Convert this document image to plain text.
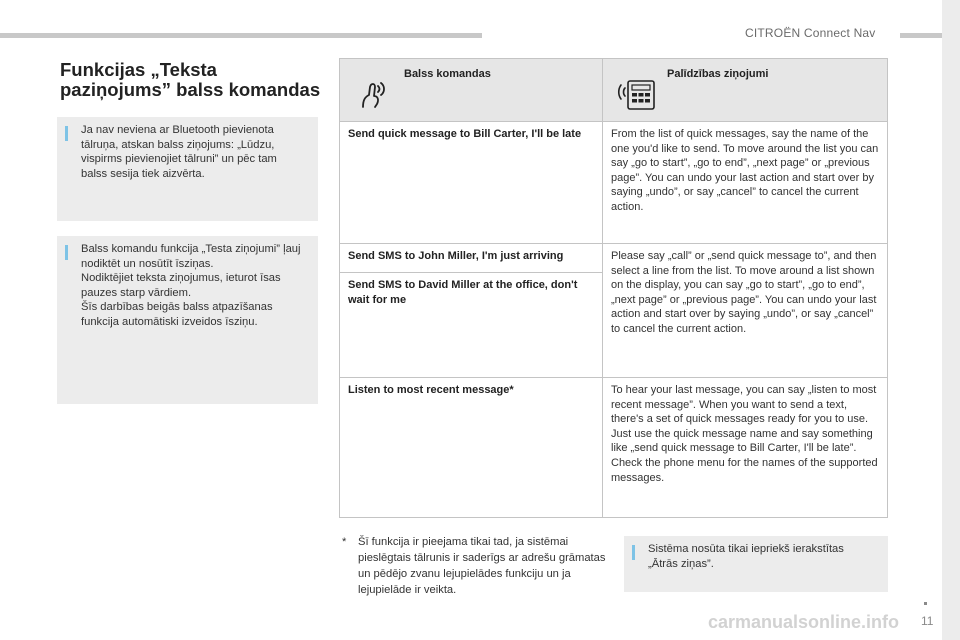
CITROËN Connect Nav
Funkcijas „Teksta paziņojums” balss komandas
Ja nav neviena ar Bluetooth pievienota tālruņa, atskan balss ziņojums: „Lūdzu, vispirms pievienojiet tālruni” un pēc tam balss sesija tiek aizvērta.
Balss komandu funkcija „Testa ziņojumi” ļauj nodiktēt un nosūtīt īsziņas.
Nodiktējiet teksta ziņojumus, ieturot īsas pauzes starp vārdiem.
Šīs darbības beigās balss atpazīšanas funkcija automātiski izveidos īsziņu.
Balss komandas	Palīdzības ziņojumi

Send quick message to Bill Carter, I'll be late	From the list of quick messages, say the name of the one you'd like to send. To move around the list you can say „go to start”, „go to end”, „next page” or „previous page”. You can undo your last action and start over by saying „undo”, or say „cancel” to cancel the current action.
Send SMS to John Miller, I'm just arriving	Please say „call” or „send quick message to”, and then select a line from the list. To move around a list shown on the display, you can say „go to start”, „go to end”, „next page” or „previous page”. You can undo your last action and start over by saying „undo”, or say „cancel” to cancel the current action.
Send SMS to David Miller at the office, don't wait for me	
Listen to most recent message*	To hear your last message, you can say „listen to most recent message”. When you want to send a text, there's a set of quick messages ready for you to use. Just use the quick message name and say something like „send quick message to Bill Carter, I'll be late”. Check the phone menu for the names of the supported messages.
* Šī funkcija ir pieejama tikai tad, ja sistēmai pieslēgtais tālrunis ir saderīgs ar adrešu grāmatas un pēdējo zvanu lejupielādes funkciju un ja lejupielāde ir veikta.
Sistēma nosūta tikai iepriekš ierakstītas „Ātrās ziņas”.
carmanualsonline.info 11
